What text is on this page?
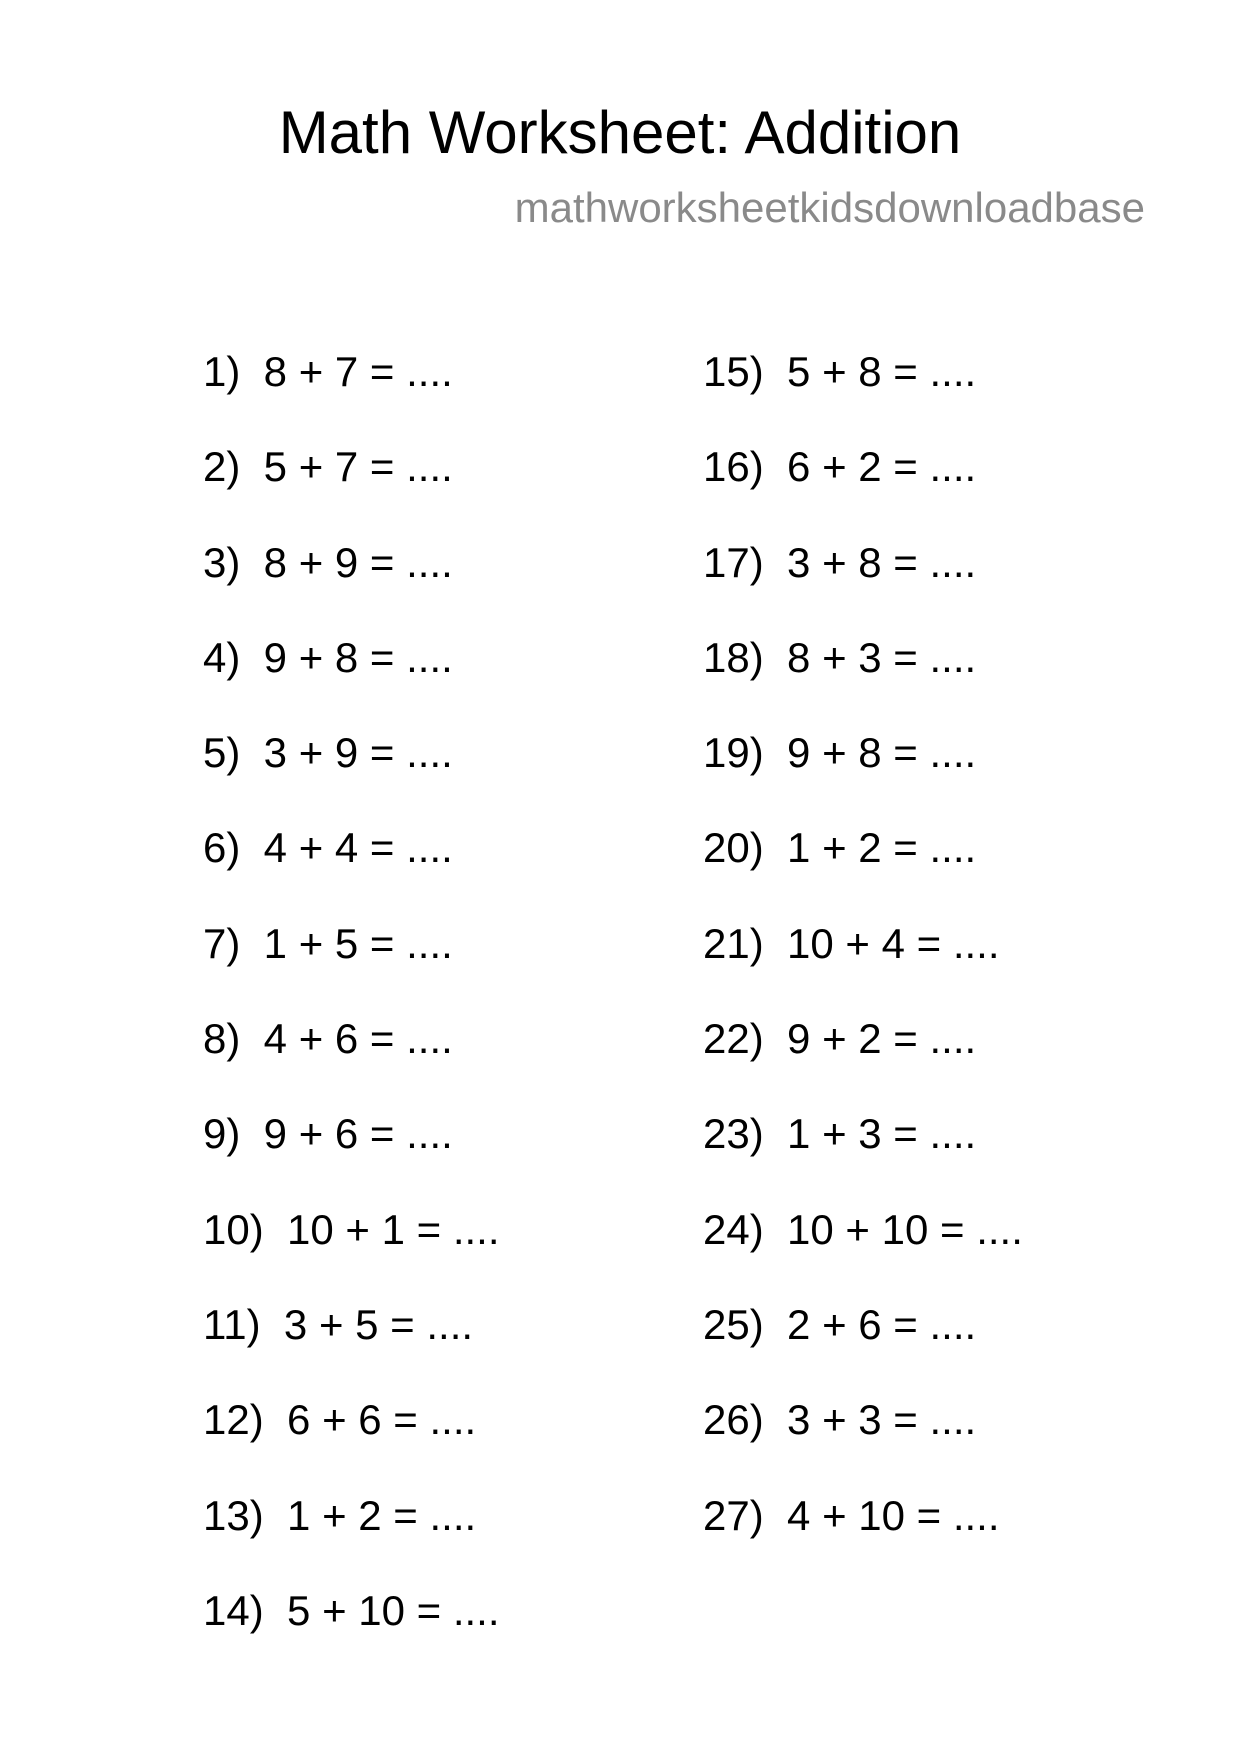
Math Worksheet: Addition
mathworksheetkidsdownloadbase
1)  8 + 7 = ....
2)  5 + 7 = ....
3)  8 + 9 = ....
4)  9 + 8 = ....
5)  3 + 9 = ....
6)  4 + 4 = ....
7)  1 + 5 = ....
8)  4 + 6 = ....
9)  9 + 6 = ....
10)  10 + 1 = ....
11)  3 + 5 = ....
12)  6 + 6 = ....
13)  1 + 2 = ....
14)  5 + 10 = ....
15)  5 + 8 = ....
16)  6 + 2 = ....
17)  3 + 8 = ....
18)  8 + 3 = ....
19)  9 + 8 = ....
20)  1 + 2 = ....
21)  10 + 4 = ....
22)  9 + 2 = ....
23)  1 + 3 = ....
24)  10 + 10 = ....
25)  2 + 6 = ....
26)  3 + 3 = ....
27)  4 + 10 = ....
